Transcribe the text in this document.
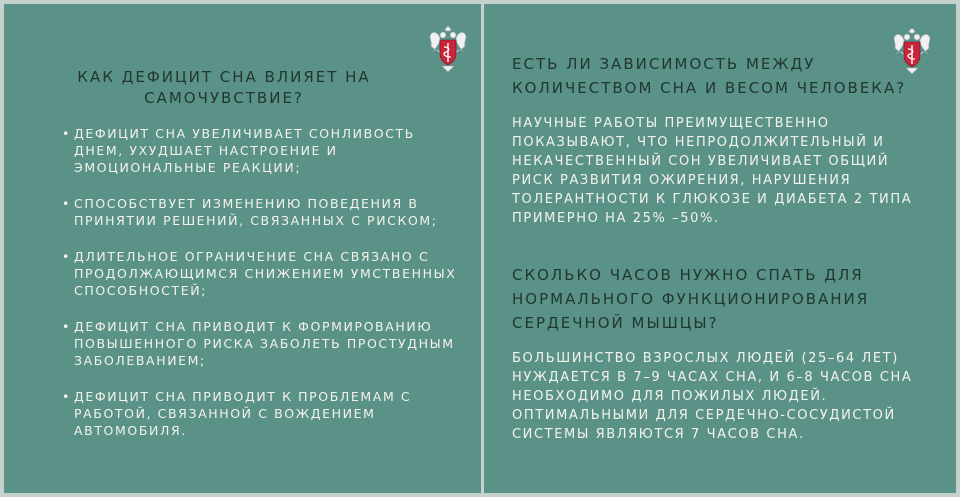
КАК ДЕФИЦИТ СНА ВЛИЯЕТ НА САМОЧУВСТВИЕ?
• ДЕФИЦИТ СНА УВЕЛИЧИВАЕТ СОНЛИВОСТЬ ДНЕМ, УХУДШАЕТ НАСТРОЕНИЕ И ЭМОЦИОНАЛЬНЫЕ РЕАКЦИИ;
• СПОСОБСТВУЕТ ИЗМЕНЕНИЮ ПОВЕДЕНИЯ В ПРИНЯТИИ РЕШЕНИЙ, СВЯЗАННЫХ С РИСКОМ;
• ДЛИТЕЛЬНОЕ ОГРАНИЧЕНИЕ СНА СВЯЗАНО С ПРОДОЛЖАЮЩИМСЯ СНИЖЕНИЕМ УМСТВЕННЫХ СПОСОБНОСТЕЙ;
• ДЕФИЦИТ СНА ПРИВОДИТ К ФОРМИРОВАНИЮ ПОВЫШЕННОГО РИСКА ЗАБОЛЕТЬ ПРОСТУДНЫМ ЗАБОЛЕВАНИЕМ;
• ДЕФИЦИТ СНА ПРИВОДИТ К ПРОБЛЕМАМ С РАБОТОЙ, СВЯЗАННОЙ С ВОЖДЕНИЕМ АВТОМОБИЛЯ.
ЕСТЬ ЛИ ЗАВИСИМОСТЬ МЕЖДУ КОЛИЧЕСТВОМ СНА И ВЕСОМ ЧЕЛОВЕКА?

НАУЧНЫЕ РАБОТЫ ПРЕИМУЩЕСТВЕННО ПОКАЗЫВАЮТ, ЧТО НЕПРОДОЛЖИТЕЛЬНЫЙ И НЕКАЧЕСТВЕННЫЙ СОН УВЕЛИЧИВАЕТ ОБЩИЙ РИСК РАЗВИТИЯ ОЖИРЕНИЯ, НАРУШЕНИЯ ТОЛЕРАНТНОСТИ К ГЛЮКОЗЕ И ДИАБЕТА 2 ТИПА ПРИМЕРНО НА 25% –50%.

СКОЛЬКО ЧАСОВ НУЖНО СПАТЬ ДЛЯ НОРМАЛЬНОГО ФУНКЦИОНИРОВАНИЯ СЕРДЕЧНОЙ МЫШЦЫ?

БОЛЬШИНСТВО ВЗРОСЛЫХ ЛЮДЕЙ (25–64 ЛЕТ) НУЖДАЕТСЯ В 7–9 ЧАСАХ СНА, И 6–8 ЧАСОВ СНА НЕОБХОДИМО ДЛЯ ПОЖИЛЫХ ЛЮДЕЙ. ОПТИМАЛЬНЫМИ ДЛЯ СЕРДЕЧНО-СОСУДИСТОЙ СИСТЕМЫ ЯВЛЯЮТСЯ 7 ЧАСОВ СНА.
